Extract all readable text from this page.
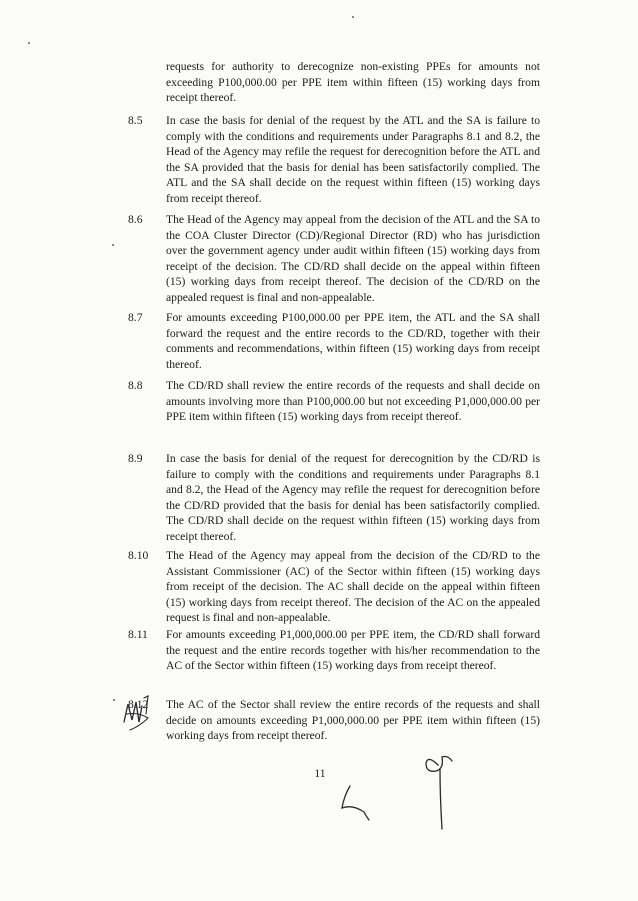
requests for authority to derecognize non-existing PPEs for amounts not exceeding P100,000.00 per PPE item within fifteen (15) working days from receipt thereof.
8.5 In case the basis for denial of the request by the ATL and the SA is failure to comply with the conditions and requirements under Paragraphs 8.1 and 8.2, the Head of the Agency may refile the request for derecognition before the ATL and the SA provided that the basis for denial has been satisfactorily complied. The ATL and the SA shall decide on the request within fifteen (15) working days from receipt thereof.
8.6 The Head of the Agency may appeal from the decision of the ATL and the SA to the COA Cluster Director (CD)/Regional Director (RD) who has jurisdiction over the government agency under audit within fifteen (15) working days from receipt of the decision. The CD/RD shall decide on the appeal within fifteen (15) working days from receipt thereof. The decision of the CD/RD on the appealed request is final and non-appealable.
8.7 For amounts exceeding P100,000.00 per PPE item, the ATL and the SA shall forward the request and the entire records to the CD/RD, together with their comments and recommendations, within fifteen (15) working days from receipt thereof.
8.8 The CD/RD shall review the entire records of the requests and shall decide on amounts involving more than P100,000.00 but not exceeding P1,000,000.00 per PPE item within fifteen (15) working days from receipt thereof.
8.9 In case the basis for denial of the request for derecognition by the CD/RD is failure to comply with the conditions and requirements under Paragraphs 8.1 and 8.2, the Head of the Agency may refile the request for derecognition before the CD/RD provided that the basis for denial has been satisfactorily complied. The CD/RD shall decide on the request within fifteen (15) working days from receipt thereof.
8.10 The Head of the Agency may appeal from the decision of the CD/RD to the Assistant Commissioner (AC) of the Sector within fifteen (15) working days from receipt of the decision. The AC shall decide on the appeal within fifteen (15) working days from receipt thereof. The decision of the AC on the appealed request is final and non-appealable.
8.11 For amounts exceeding P1,000,000.00 per PPE item, the CD/RD shall forward the request and the entire records together with his/her recommendation to the AC of the Sector within fifteen (15) working days from receipt thereof.
8.12 The AC of the Sector shall review the entire records of the requests and shall decide on amounts exceeding P1,000,000.00 per PPE item within fifteen (15) working days from receipt thereof.
11
